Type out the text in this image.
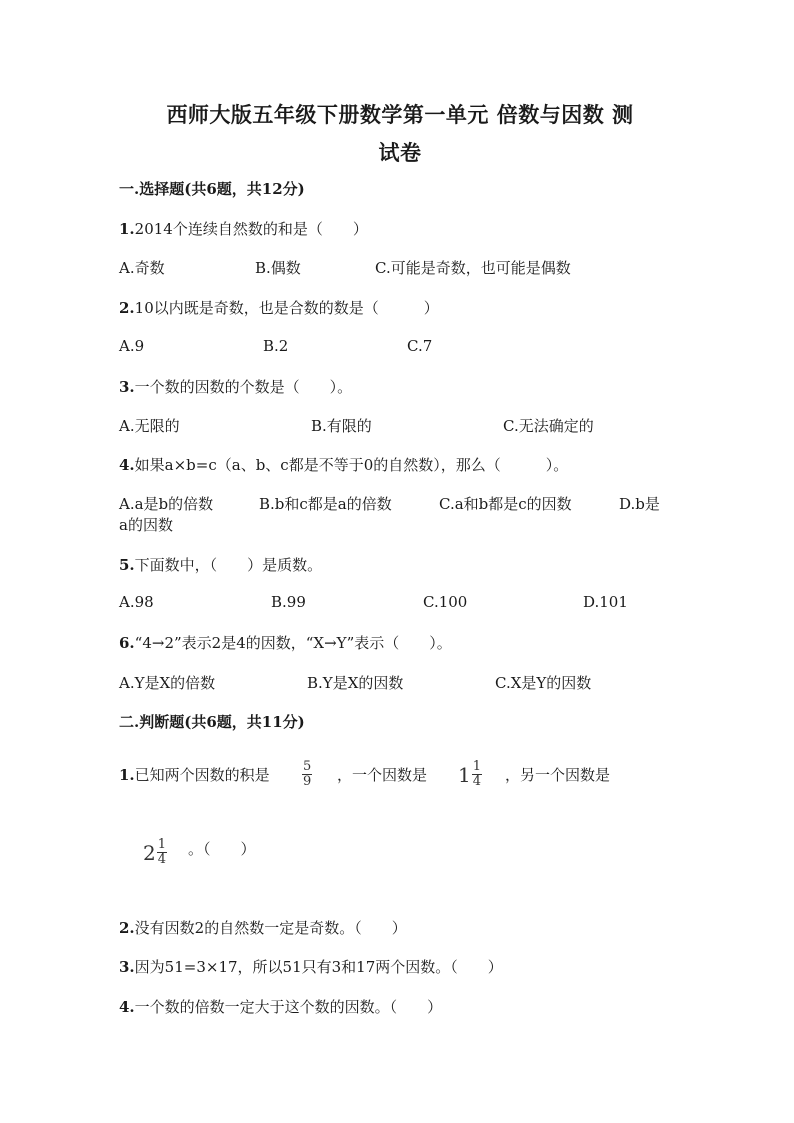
西师大版五年级下册数学第一单元 倍数与因数 测
试卷
一.选择题(共6题，共12分)
1.2014个连续自然数的和是（　　）
A.奇数	B.偶数	C.可能是奇数，也可能是偶数
2.10以内既是奇数，也是合数的数是（　　　）
A.9	B.2	C.7
3.一个数的因数的个数是（　　）。
A.无限的	B.有限的	C.无法确定的
4.如果a×b=c（a、b、c都是不等于0的自然数），那么（　　　）。
A.a是b的倍数	B.b和c都是a的倍数	C.a和b都是c的因数	D.b是
a的因数
5.下面数中，（　　）是质数。
A.98	B.99	C.100	D.101
6.“4→2”表示2是4的因数，“X→Y”表示（　　）。
A.Y是X的倍数	B.Y是X的因数	C.X是Y的因数
二.判断题(共6题，共11分)
1.已知两个因数的积是	5
9 ，一个因数是 1 1
4 ，另一个因数是
2 1
4
。（　　）
2.没有因数2的自然数一定是奇数。（　　）
3.因为51=3×17，所以51只有3和17两个因数。（　　）
4.一个数的倍数一定大于这个数的因数。（　　）
